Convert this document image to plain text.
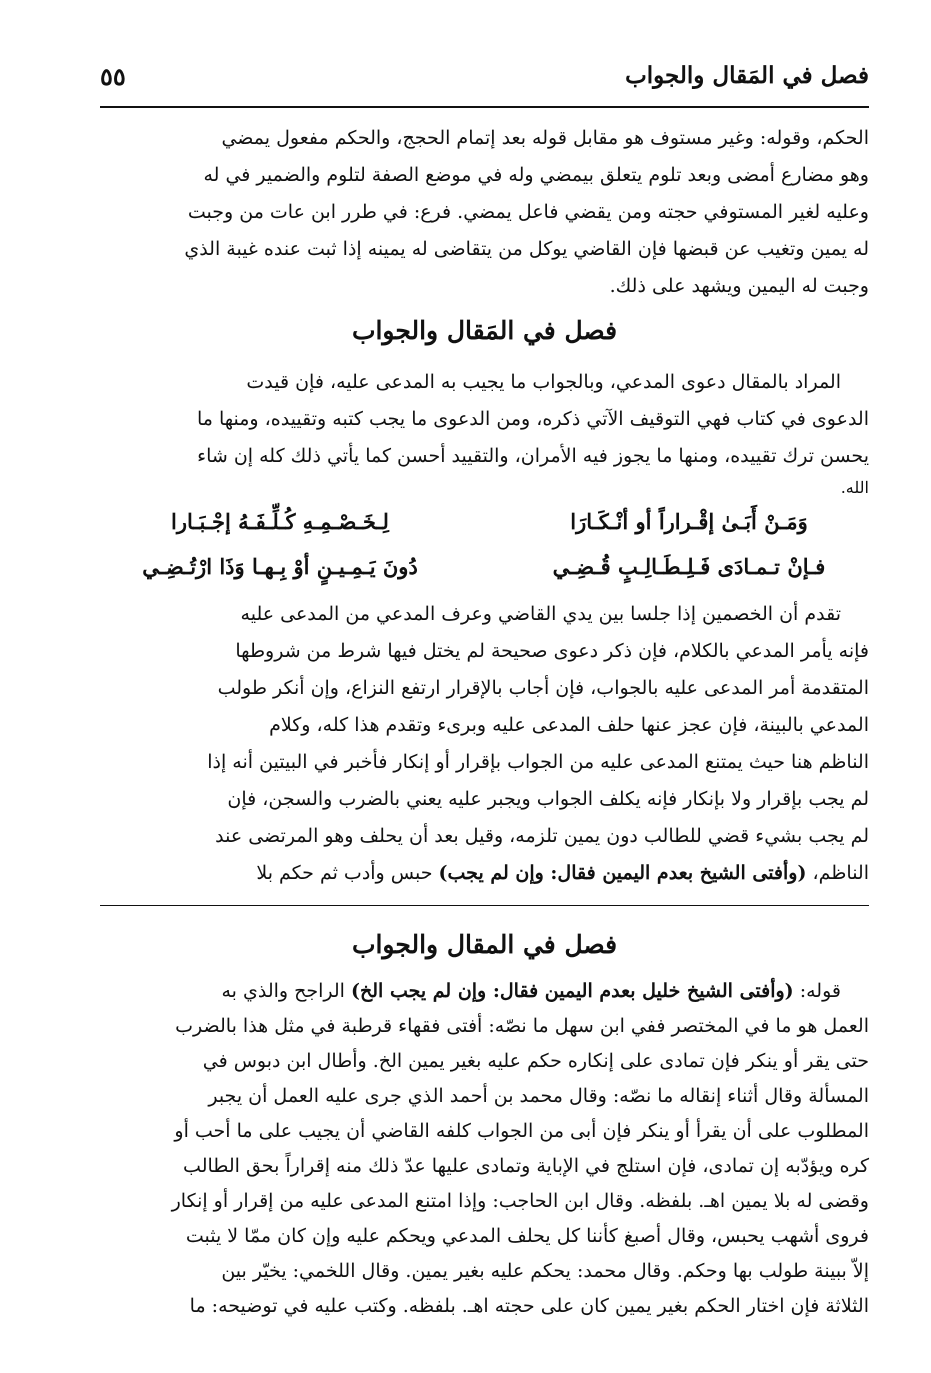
فصل في المَقال والجواب
٥٥

الحكم، وقوله: وغير مستوف هو مقابل قوله بعد إتمام الحجج، والحكم مفعول يمضي

وهو مضارع أمضى وبعد تلوم يتعلق بيمضي وله في موضع الصفة لتلوم والضمير في له

وعليه لغير المستوفي حجته ومن يقضي فاعل يمضي. فرع: في طرر ابن عات من وجبت

له يمين وتغيب عن قبضها فإن القاضي يوكل من يتقاضى له يمينه إذا ثبت عنده غيبة الذي

وجبت له اليمين ويشهد على ذلك.

فصل في المَقال والجواب

المراد بالمقال دعوى المدعي، وبالجواب ما يجيب به المدعى عليه، فإن قيدت

الدعوى في كتاب فهي التوقيف الآتي ذكره، ومن الدعوى ما يجب كتبه وتقييده، ومنها ما

يحسن ترك تقييده، ومنها ما يجوز فيه الأمران، والتقييد أحسن كما يأتي ذلك كله إن شاء

الله.

وَمَـنْ أَبَـىٰ إقْـراراً أو أنْـكَـارَا
لِـخَـصْـمِـهِ كُـلِّـفَـهُ إجْـبَـارا
فـإنْ تـمـادَى فَـلِـطَـالِـبٍ قُـضِـي
دُونَ يَـمِـيـنٍ أوْ بِـهـا وَذَا ارْتُـضِـي

تقدم أن الخصمين إذا جلسا بين يدي القاضي وعرف المدعي من المدعى عليه

فإنه يأمر المدعي بالكلام، فإن ذكر دعوى صحيحة لم يختل فيها شرط من شروطها

المتقدمة أمر المدعى عليه بالجواب، فإن أجاب بالإقرار ارتفع النزاع، وإن أنكر طولب

المدعي بالبينة، فإن عجز عنها حلف المدعى عليه وبرىء وتقدم هذا كله، وكلام

الناظم هنا حيث يمتنع المدعى عليه من الجواب بإقرار أو إنكار فأخبر في البيتين أنه إذا

لم يجب بإقرار ولا بإنكار فإنه يكلف الجواب ويجبر عليه يعني بالضرب والسجن، فإن

لم يجب بشيء قضي للطالب دون يمين تلزمه، وقيل بعد أن يحلف وهو المرتضى عند

الناظم، (وأفتى الشيخ بعدم اليمين فقال: وإن لم يجب) حبس وأدب ثم حكم بلا

فصل في المقال والجواب

قوله: (وأفتى الشيخ خليل بعدم اليمين فقال: وإن لم يجب الخ) الراجح والذي به

العمل هو ما في المختصر ففي ابن سهل ما نصّه: أفتى فقهاء قرطبة في مثل هذا بالضرب

حتى يقر أو ينكر فإن تمادى على إنكاره حكم عليه بغير يمين الخ. وأطال ابن دبوس في

المسألة وقال أثناء إنقاله ما نصّه: وقال محمد بن أحمد الذي جرى عليه العمل أن يجبر

المطلوب على أن يقرأ أو ينكر فإن أبى من الجواب كلفه القاضي أن يجيب على ما أحب أو

كره ويؤدّبه إن تمادى، فإن استلج في الإباية وتمادى عليها عدّ ذلك منه إقراراً بحق الطالب

وقضى له بلا يمين اهـ. بلفظه. وقال ابن الحاجب: وإذا امتنع المدعى عليه من إقرار أو إنكار

فروى أشهب يحبس، وقال أصبغ كأننا كل يحلف المدعي ويحكم عليه وإن كان ممّا لا يثبت

إلاّ ببينة طولب بها وحكم. وقال محمد: يحكم عليه بغير يمين. وقال اللخمي: يخيّر بين

الثلاثة فإن اختار الحكم بغير يمين كان على حجته اهـ. بلفظه. وكتب عليه في توضيحه: ما
